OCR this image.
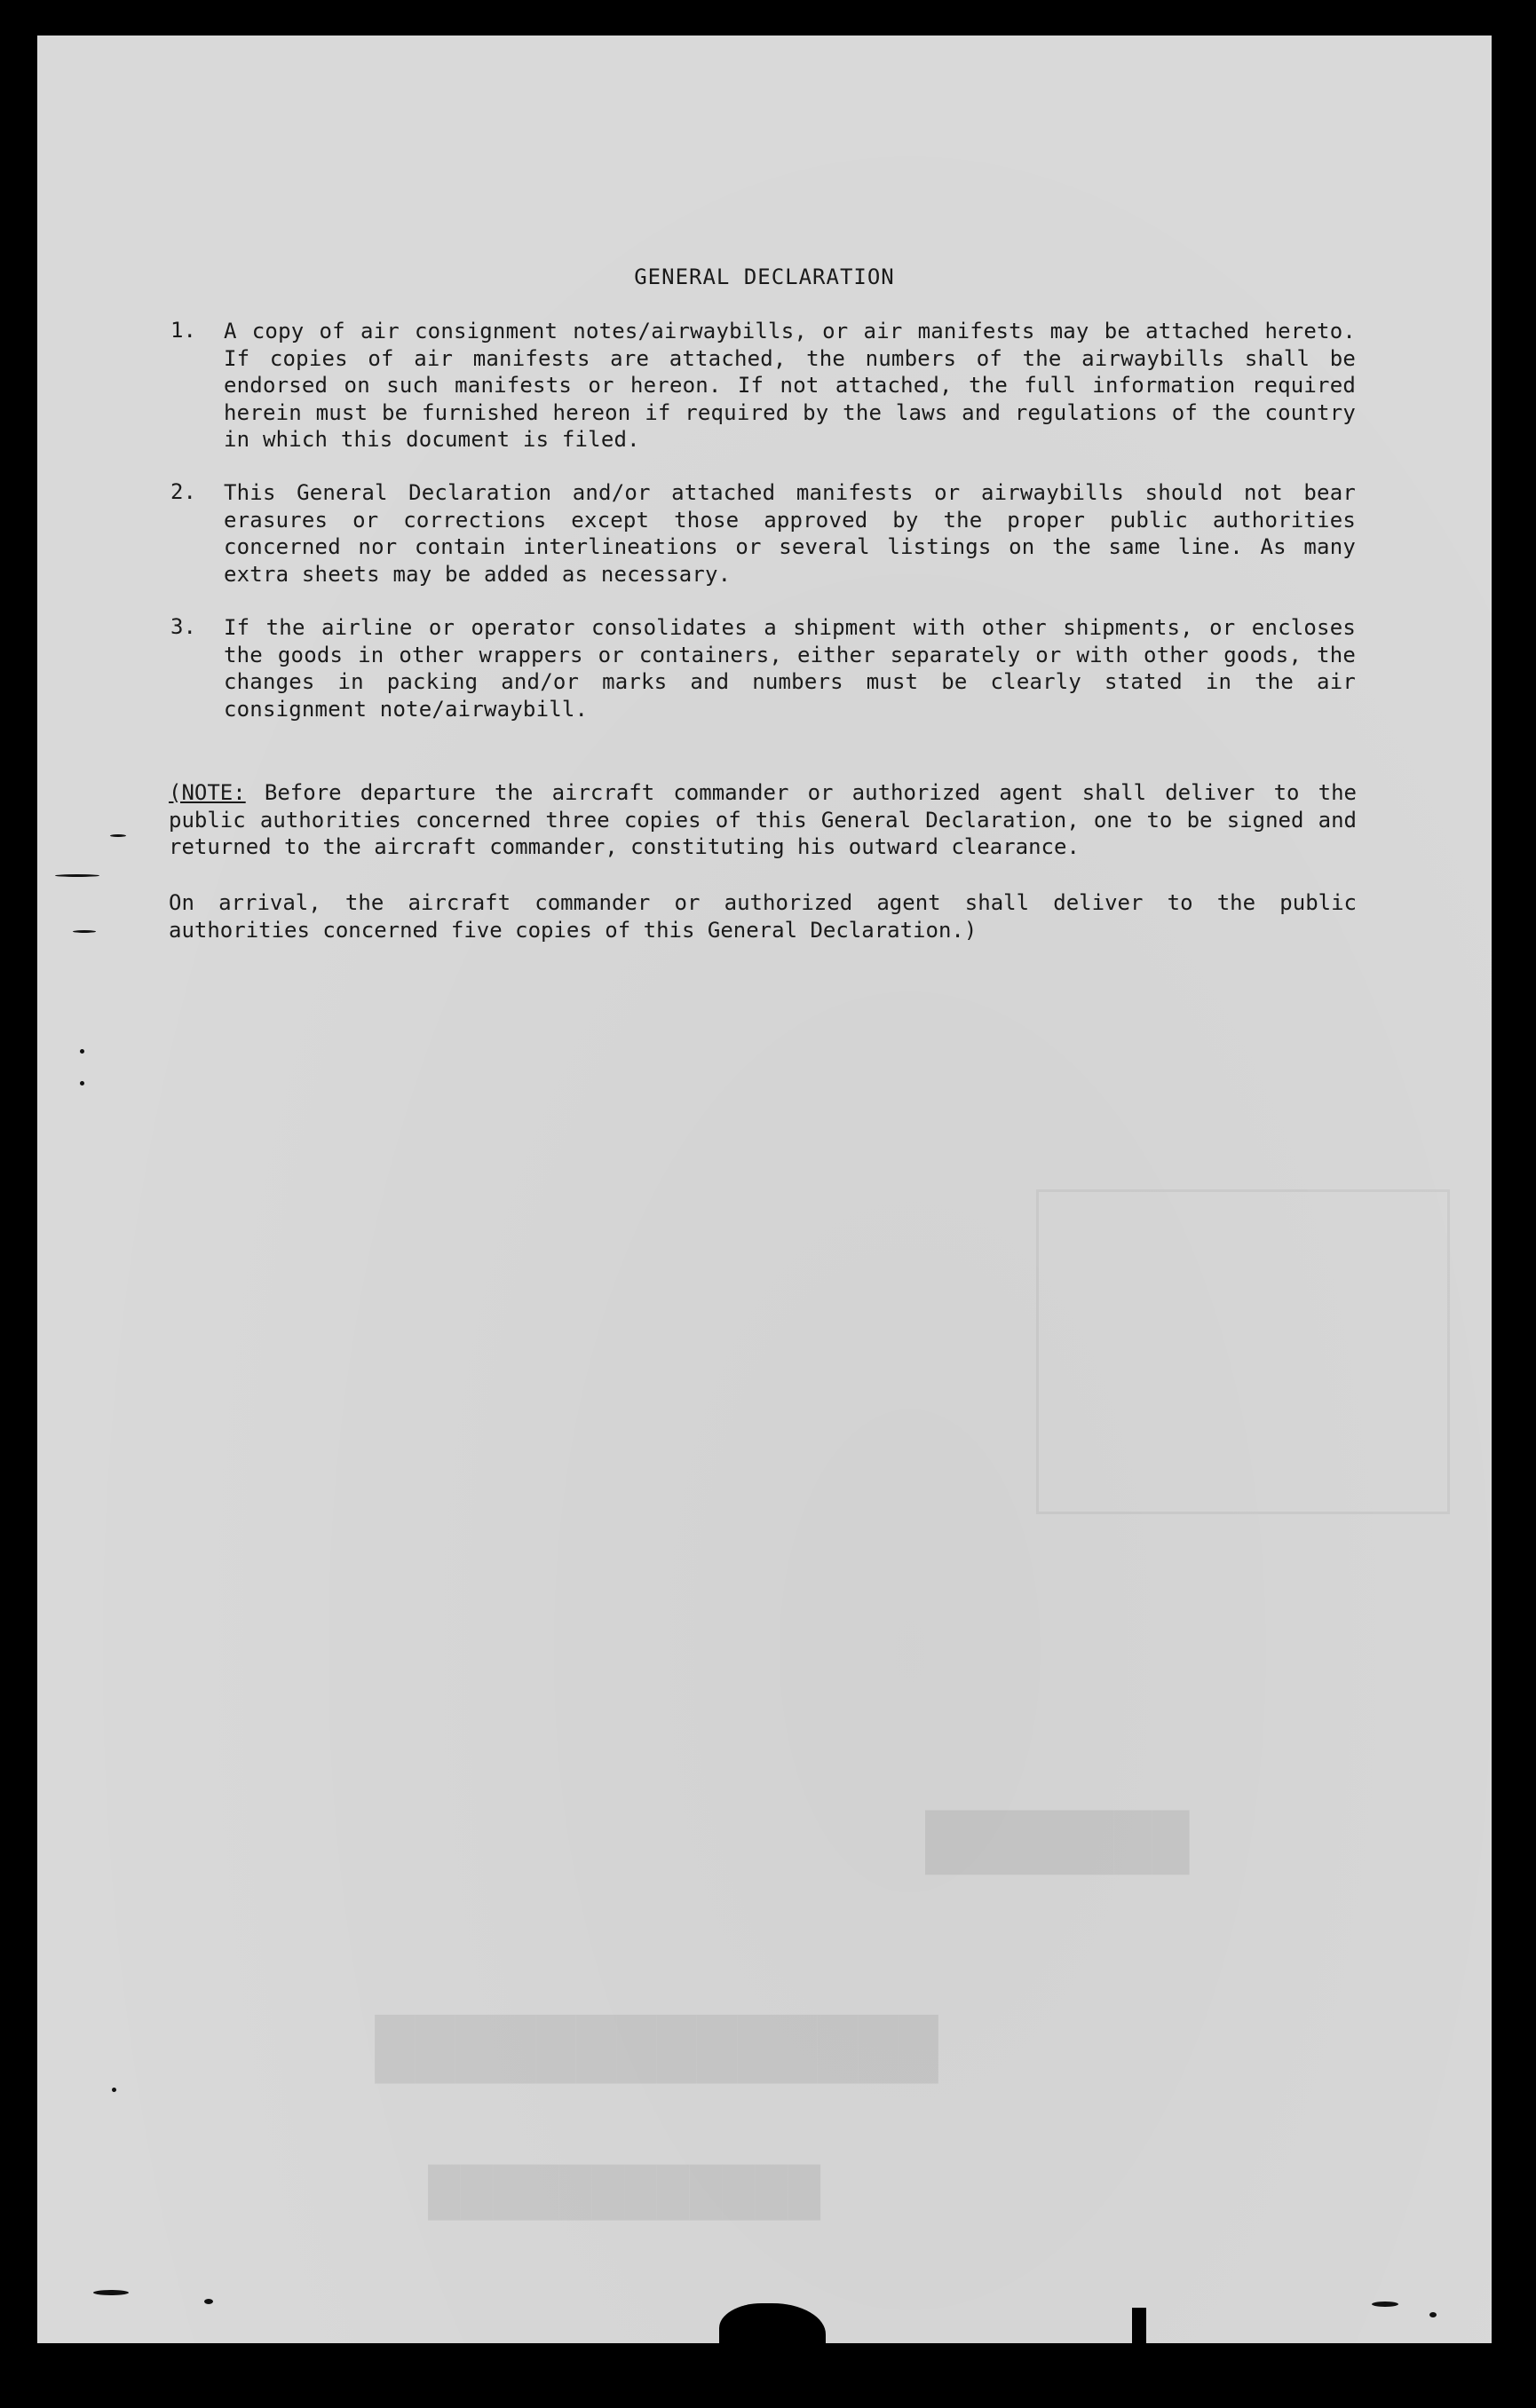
██████████████
████████████
███████
GENERAL DECLARATION
1. A copy of air consignment notes/airwaybills, or air manifests may be attached hereto. If copies of air manifests are attached, the numbers of the airwaybills shall be endorsed on such manifests or hereon. If not attached, the full information required herein must be furnished hereon if required by the laws and regulations of the country in which this document is filed.
2. This General Declaration and/or attached manifests or airwaybills should not bear erasures or corrections except those approved by the proper public authorities concerned nor contain interlineations or several listings on the same line. As many extra sheets may be added as necessary.
3. If the airline or operator consolidates a shipment with other shipments, or encloses the goods in other wrappers or containers, either separately or with other goods, the changes in packing and/or marks and numbers must be clearly stated in the air consignment note/airwaybill.
(NOTE: Before departure the aircraft commander or authorized agent shall deliver to the public authorities concerned three copies of this General Declaration, one to be signed and returned to the aircraft commander, constituting his outward clearance.
On arrival, the aircraft commander or authorized agent shall deliver to the public authorities concerned five copies of this General Declaration.)
